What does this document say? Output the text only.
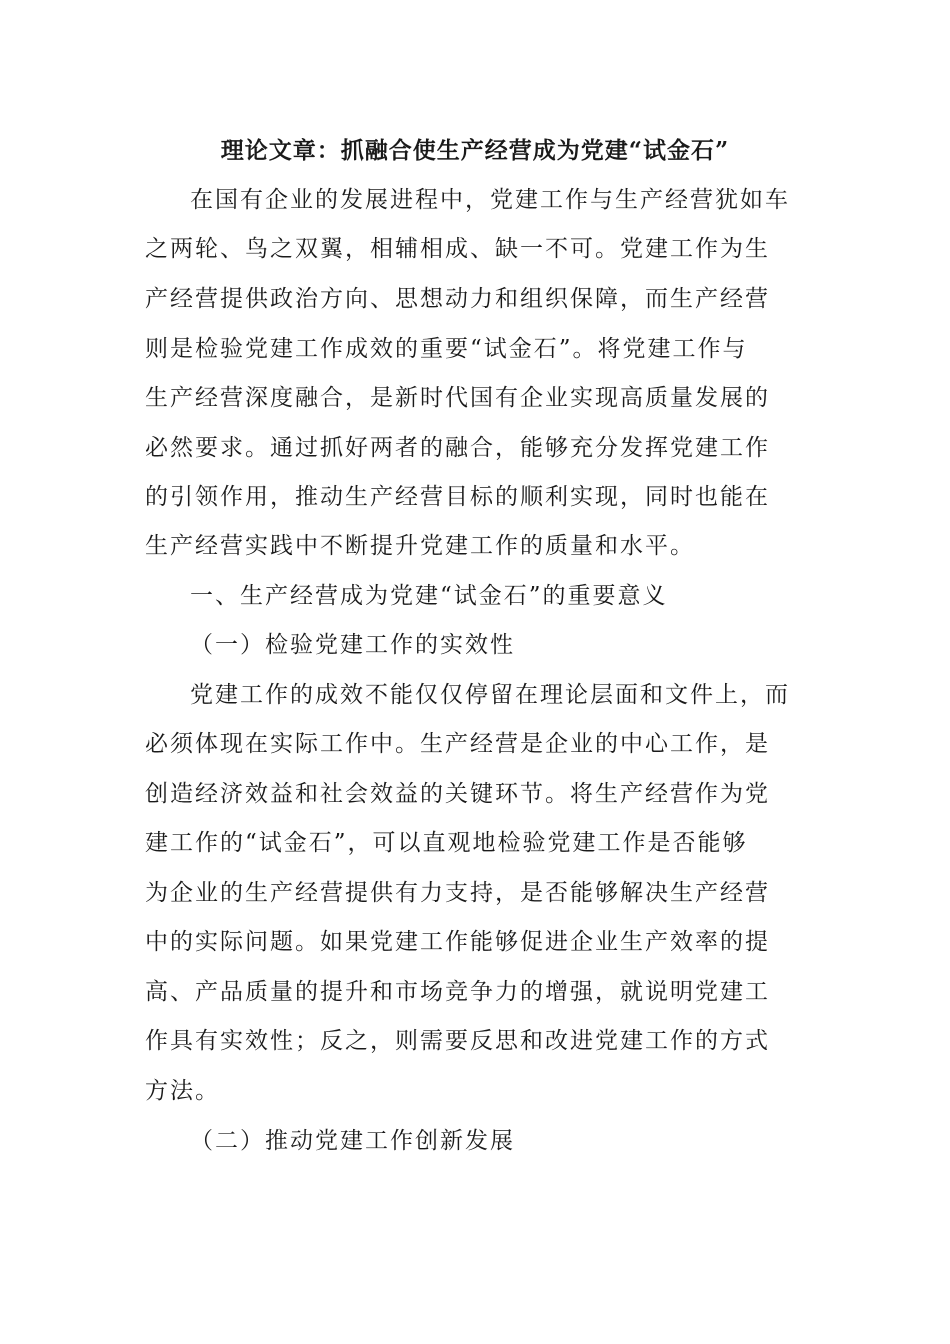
理论文章：抓融合使生产经营成为党建“试金石”
在国有企业的发展进程中，党建工作与生产经营犹如车
之两轮、鸟之双翼，相辅相成、缺一不可。党建工作为生
产经营提供政治方向、思想动力和组织保障，而生产经营
则是检验党建工作成效的重要“试金石”。将党建工作与
生产经营深度融合，是新时代国有企业实现高质量发展的
必然要求。通过抓好两者的融合，能够充分发挥党建工作
的引领作用，推动生产经营目标的顺利实现，同时也能在
生产经营实践中不断提升党建工作的质量和水平。
一、生产经营成为党建“试金石”的重要意义
（一）检验党建工作的实效性
党建工作的成效不能仅仅停留在理论层面和文件上，而
必须体现在实际工作中。生产经营是企业的中心工作，是
创造经济效益和社会效益的关键环节。将生产经营作为党
建工作的“试金石”，可以直观地检验党建工作是否能够
为企业的生产经营提供有力支持，是否能够解决生产经营
中的实际问题。如果党建工作能够促进企业生产效率的提
高、产品质量的提升和市场竞争力的增强，就说明党建工
作具有实效性；反之，则需要反思和改进党建工作的方式
方法。
（二）推动党建工作创新发展
